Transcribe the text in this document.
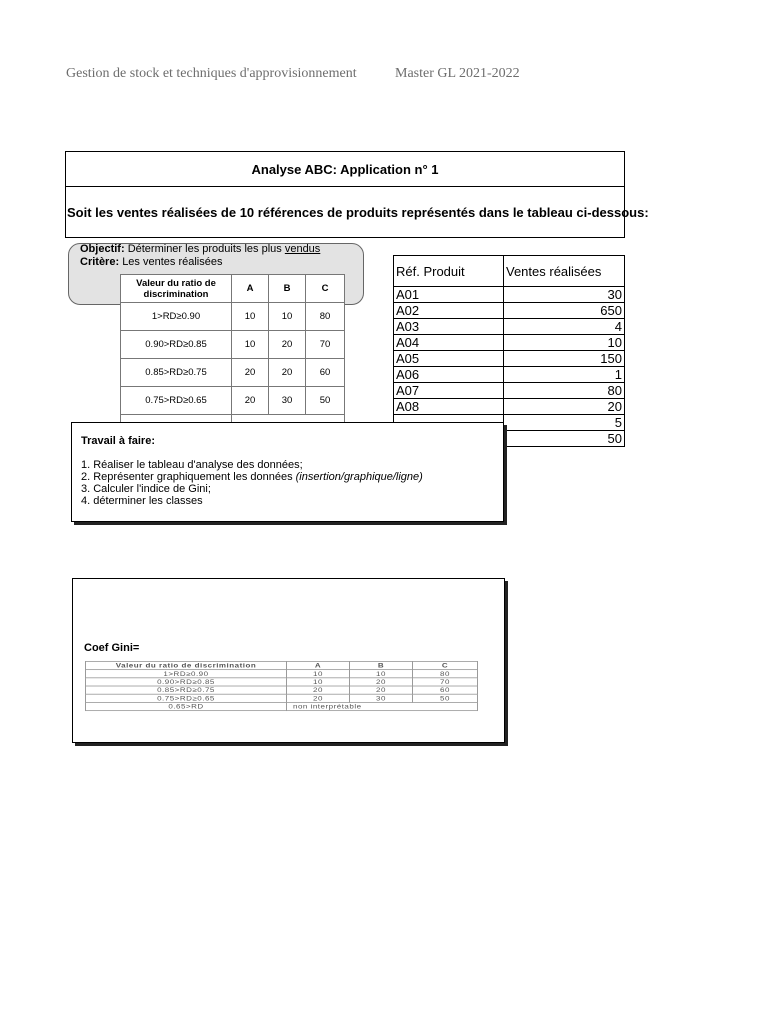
Gestion de stock et techniques d'approvisionnement	Master GL 2021-2022
Analyse ABC: Application n° 1
Soit les ventes réalisées de 10 références de produits représentés dans le tableau ci-dessous:
Objectif: Déterminer les produits les plus vendus
Critère: Les ventes réalisées
Valeur du ratio de discrimination	A	B	C
1>RD≥0.90	10	10	80
0.90>RD≥0.85	10	20	70
0.85>RD≥0.75	20	20	60
0.75>RD≥0.65	20	30	50

Réf. Produit	Ventes réalisées
A01	30
A02	650
A03	4
A04	10
A05	150
A06	1
A07	80
A08	20
	5
	50
Travail à faire:
1. Réaliser le tableau d'analyse des données;
2. Représenter graphiquement les données (insertion/graphique/ligne)
3. Calculer l'indice de Gini;
4. déterminer les classes
Coef Gini=
Valeur du ratio de discrimination	A	B	C
1>RD≥0.90	10	10	80
0.90>RD≥0.85	10	20	70
0.85>RD≥0.75	20	20	60
0.75>RD≥0.65	20	30	50
0.65>RD	non interprétable		
